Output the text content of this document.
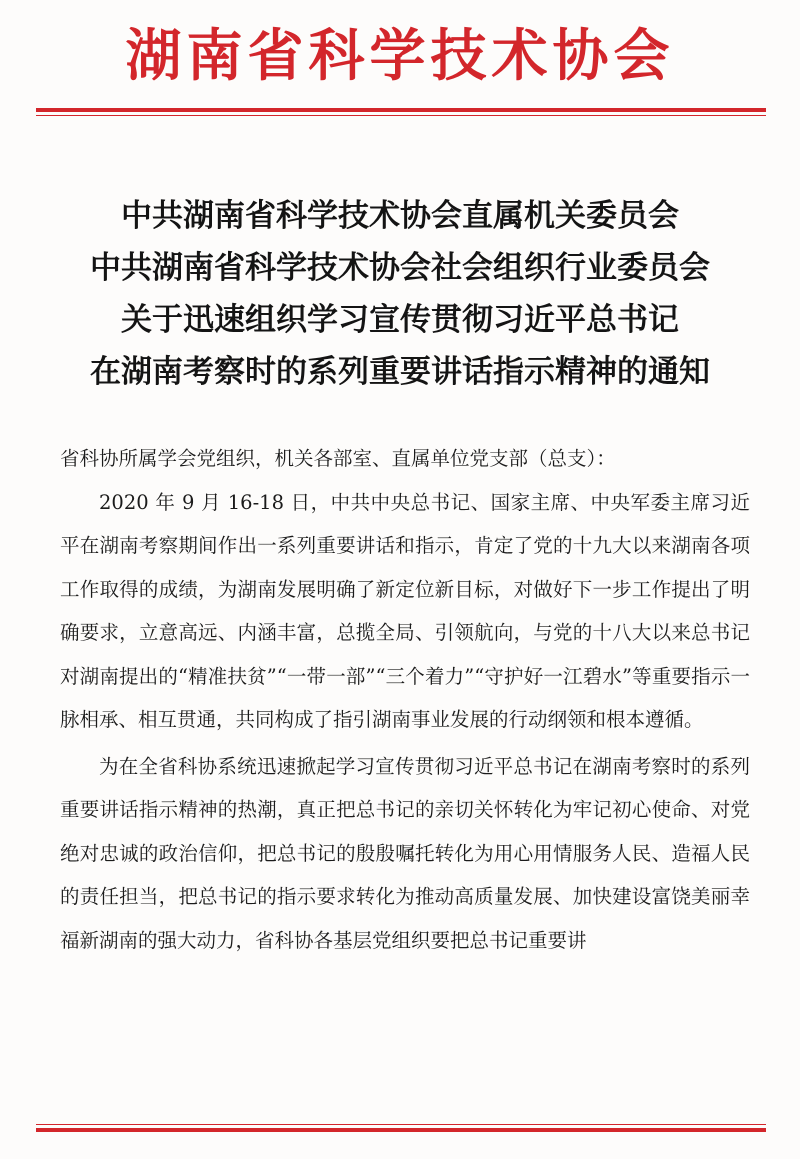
湖南省科学技术协会
中共湖南省科学技术协会直属机关委员会
中共湖南省科学技术协会社会组织行业委员会
关于迅速组织学习宣传贯彻习近平总书记
在湖南考察时的系列重要讲话指示精神的通知

省科协所属学会党组织，机关各部室、直属单位党支部（总支）：

2020 年 9 月 16-18 日，中共中央总书记、国家主席、中央军委主席习近平在湖南考察期间作出一系列重要讲话和指示，肯定了党的十九大以来湖南各项工作取得的成绩，为湖南发展明确了新定位新目标，对做好下一步工作提出了明确要求，立意高远、内涵丰富，总揽全局、引领航向，与党的十八大以来总书记对湖南提出的“精准扶贫”“一带一部”“三个着力”“守护好一江碧水”等重要指示一脉相承、相互贯通，共同构成了指引湖南事业发展的行动纲领和根本遵循。

为在全省科协系统迅速掀起学习宣传贯彻习近平总书记在湖南考察时的系列重要讲话指示精神的热潮，真正把总书记的亲切关怀转化为牢记初心使命、对党绝对忠诚的政治信仰，把总书记的殷殷嘱托转化为用心用情服务人民、造福人民的责任担当，把总书记的指示要求转化为推动高质量发展、加快建设富饶美丽幸福新湖南的强大动力，省科协各基层党组织要把总书记重要讲
